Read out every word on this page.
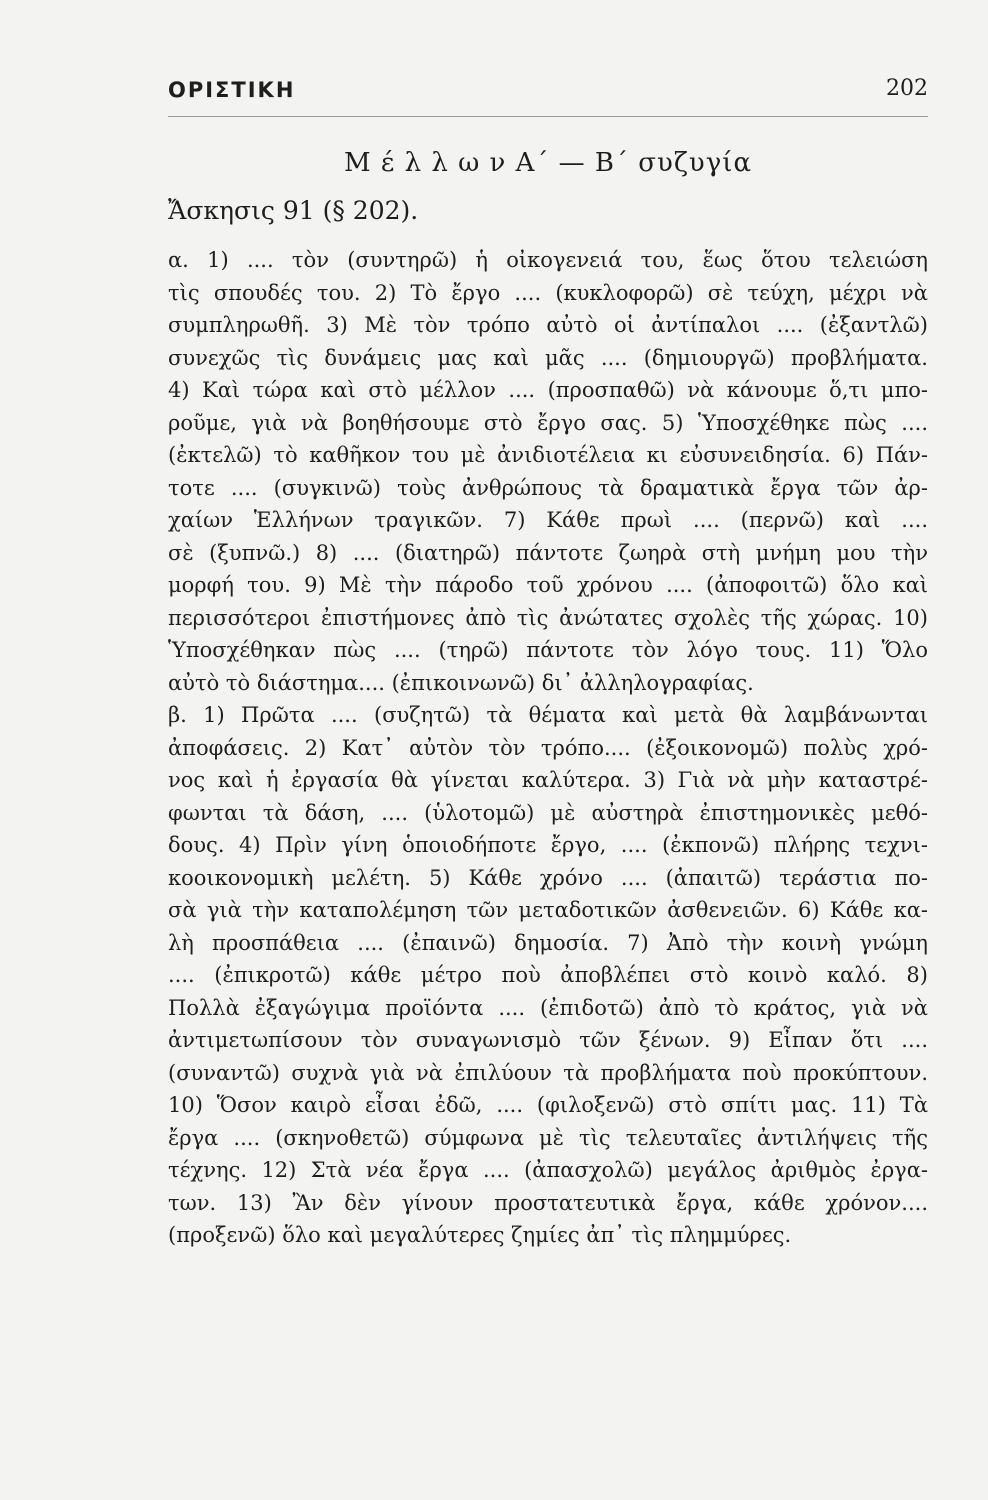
ΟΡΙΣΤΙΚΗ	202
Μ έ λ λ ω ν Α΄ — Β΄ συζυγία
Ἄσκησις 91 (§ 202).
α. 1) .... τὸν (συντηρῶ) ἡ οἰκογενειά του, ἕως ὅτου τελειώση
τὶς σπουδές του. 2) Τὸ ἔργο .... (κυκλοφορῶ) σὲ τεύχη, μέχρι νὰ
συμπληρωθῆ. 3) Μὲ τὸν τρόπο αὐτὸ οἱ ἀντίπαλοι .... (ἐξαντλῶ)
συνεχῶς τὶς δυνάμεις μας καὶ μᾶς .... (δημιουργῶ) προβλήματα.
4) Καὶ τώρα καὶ στὸ μέλλον .... (προσπαθῶ) νὰ κάνουμε ὅ,τι μπο-
ροῦμε, γιὰ νὰ βοηθήσουμε στὸ ἔργο σας. 5) Ὑποσχέθηκε πὼς ....
(ἐκτελῶ) τὸ καθῆκον του μὲ ἀνιδιοτέλεια κι εὐσυνειδησία. 6) Πάν-
τοτε .... (συγκινῶ) τοὺς ἀνθρώπους τὰ δραματικὰ ἔργα τῶν ἀρ-
χαίων Ἑλλήνων τραγικῶν. 7) Κάθε πρωὶ .... (περνῶ) καὶ ....
σὲ (ξυπνῶ.) 8) .... (διατηρῶ) πάντοτε ζωηρὰ στὴ μνήμη μου τὴν
μορφή του. 9) Μὲ τὴν πάροδο τοῦ χρόνου .... (ἀποφοιτῶ) ὅλο καὶ
περισσότεροι ἐπιστήμονες ἀπὸ τὶς ἀνώτατες σχολὲς τῆς χώρας. 10)
Ὑποσχέθηκαν πὼς .... (τηρῶ) πάντοτε τὸν λόγο τους. 11) Ὅλο
αὐτὸ τὸ διάστημα.... (ἐπικοινωνῶ) δι᾿ ἀλληλογραφίας.
β. 1) Πρῶτα .... (συζητῶ) τὰ θέματα καὶ μετὰ θὰ λαμβάνωνται
ἀποφάσεις. 2) Κατ᾿ αὐτὸν τὸν τρόπο.... (ἐξοικονομῶ) πολὺς χρό-
νος καὶ ἡ ἐργασία θὰ γίνεται καλύτερα. 3) Γιὰ νὰ μὴν καταστρέ-
φωνται τὰ δάση, .... (ὑλοτομῶ) μὲ αὐστηρὰ ἐπιστημονικὲς μεθό-
δους. 4) Πρὶν γίνη ὁποιοδήποτε ἔργο, .... (ἐκπονῶ) πλήρης τεχνι-
κοοικονομικὴ μελέτη. 5) Κάθε χρόνο .... (ἀπαιτῶ) τεράστια πο-
σὰ γιὰ τὴν καταπολέμηση τῶν μεταδοτικῶν ἀσθενειῶν. 6) Κάθε κα-
λὴ προσπάθεια .... (ἐπαινῶ) δημοσία. 7) Ἀπὸ τὴν κοινὴ γνώμη
.... (ἐπικροτῶ) κάθε μέτρο ποὺ ἀποβλέπει στὸ κοινὸ καλό. 8)
Πολλὰ ἐξαγώγιμα προϊόντα .... (ἐπιδοτῶ) ἀπὸ τὸ κράτος, γιὰ νὰ
ἀντιμετωπίσουν τὸν συναγωνισμὸ τῶν ξένων. 9) Εἶπαν ὅτι ....
(συναντῶ) συχνὰ γιὰ νὰ ἐπιλύουν τὰ προβλήματα ποὺ προκύπτουν.
10) Ὅσον καιρὸ εἶσαι ἐδῶ, .... (φιλοξενῶ) στὸ σπίτι μας. 11) Τὰ
ἔργα .... (σκηνοθετῶ) σύμφωνα μὲ τὶς τελευταῖες ἀντιλήψεις τῆς
τέχνης. 12) Στὰ νέα ἔργα .... (ἀπασχολῶ) μεγάλος ἀριθμὸς ἐργα-
των. 13) Ἂν δὲν γίνουν προστατευτικὰ ἔργα, κάθε χρόνον....
(προξενῶ) ὅλο καὶ μεγαλύτερες ζημίες ἀπ᾿ τὶς πλημμύρες.
